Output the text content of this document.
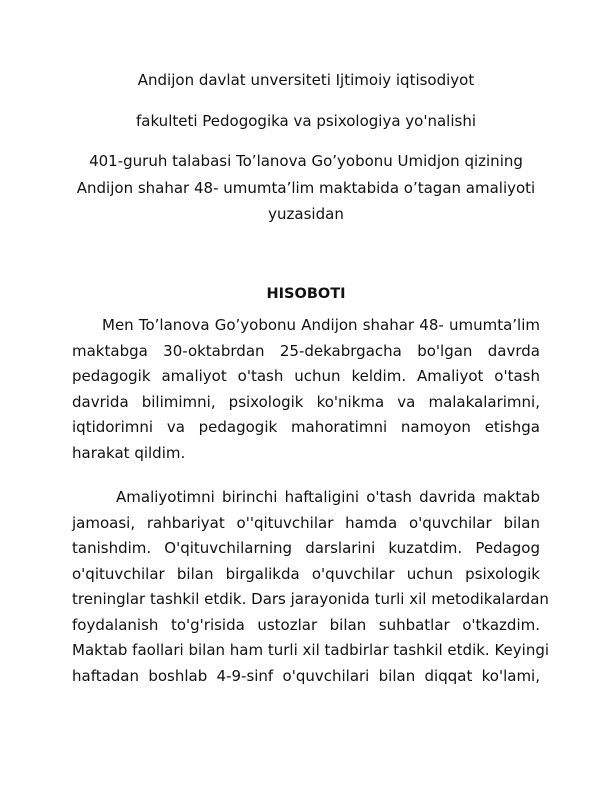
Andijon davlat unversiteti Ijtimoiy iqtisodiyot
fakulteti Pedogogika va psixologiya yo'nalishi
401-guruh talabasi To’lanova Go’yobonu Umidjon qizining
Andijon shahar 48- umumta’lim maktabida o’tagan amaliyoti
yuzasidan
HISOBOTI
Men To’lanova Go’yobonu Andijon shahar 48- umumta’lim
maktabga 30-oktabrdan 25-dekabrgacha bo'lgan davrda
pedagogik amaliyot o'tash uchun keldim. Amaliyot o'tash
davrida bilimimni, psixologik ko'nikma va malakalarimni,
iqtidorimni va pedagogik mahoratimni namoyon etishga
harakat qildim.
Amaliyotimni birinchi haftaligini o'tash davrida maktab
jamoasi, rahbariyat o''qituvchilar hamda o'quvchilar bilan
tanishdim. O'qituvchilarning darslarini kuzatdim. Pedagog
o'qituvchilar bilan birgalikda o'quvchilar uchun psixologik
treninglar tashkil etdik. Dars jarayonida turli xil metodikalardan
foydalanish to'g'risida ustozlar bilan suhbatlar o'tkazdim.
Maktab faollari bilan ham turli xil tadbirlar tashkil etdik. Keyingi
haftadan boshlab 4-9-sinf o'quvchilari bilan diqqat ko'lami,
